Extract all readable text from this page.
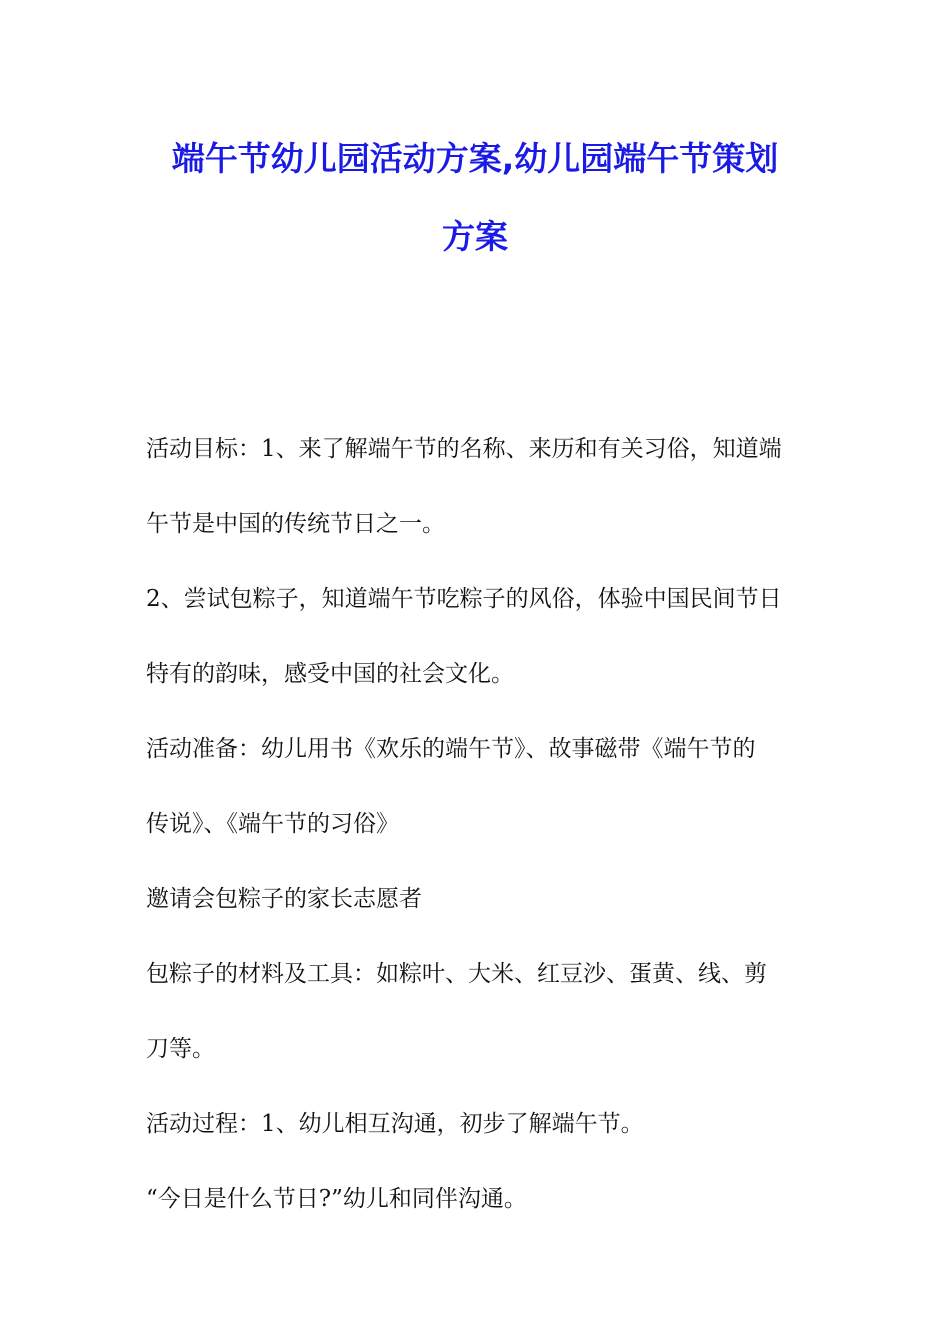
端午节幼儿园活动方案,幼儿园端午节策划
方案

活动目标：1、来了解端午节的名称、来历和有关习俗，知道端

午节是中国的传统节日之一。

2、尝试包粽子，知道端午节吃粽子的风俗，体验中国民间节日

特有的韵味，感受中国的社会文化。

活动准备：幼儿用书《欢乐的端午节》、故事磁带《端午节的

传说》、《端午节的习俗》

邀请会包粽子的家长志愿者

包粽子的材料及工具：如粽叶、大米、红豆沙、蛋黄、线、剪

刀等。

活动过程：1、幼儿相互沟通，初步了解端午节。

“今日是什么节日?”幼儿和同伴沟通。
